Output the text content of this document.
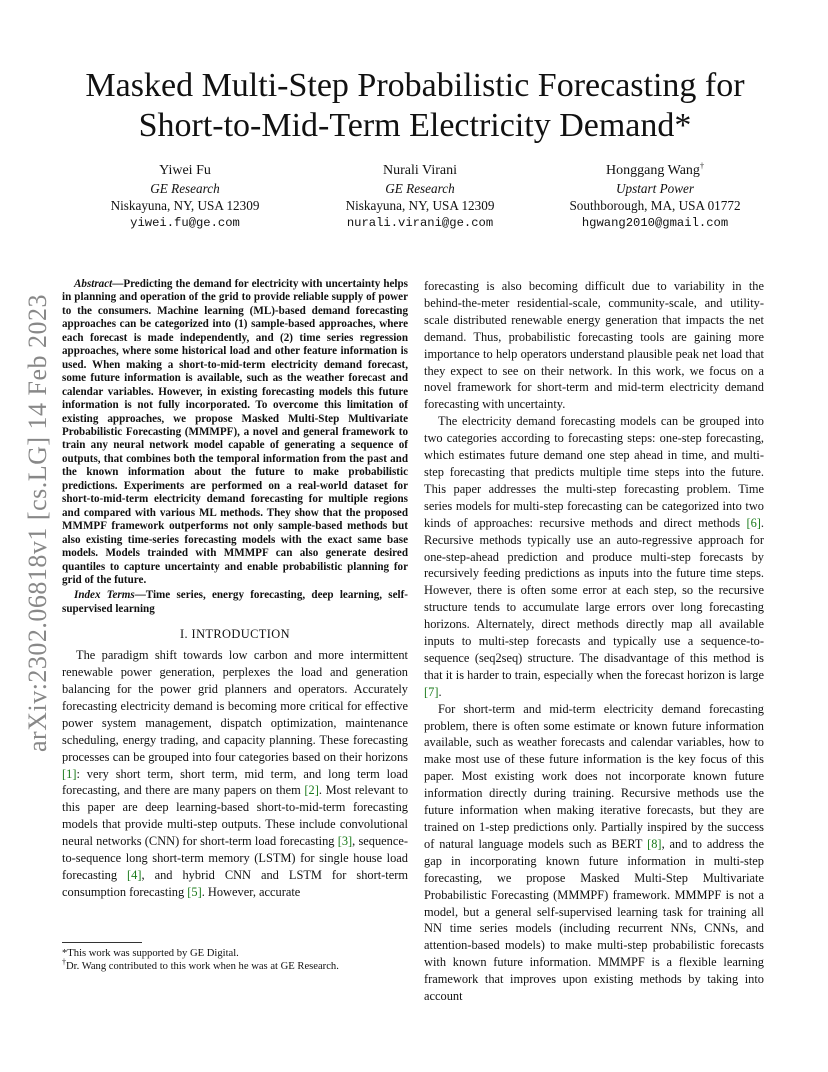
arXiv:2302.06818v1 [cs.LG] 14 Feb 2023
Masked Multi-Step Probabilistic Forecasting for
Short-to-Mid-Term Electricity Demand*
Yiwei Fu
GE Research
Niskayuna, NY, USA 12309
yiwei.fu@ge.com
Nurali Virani
GE Research
Niskayuna, NY, USA 12309
nurali.virani@ge.com
Honggang Wang†
Upstart Power
Southborough, MA, USA 01772
hgwang2010@gmail.com

Abstract—Predicting the demand for electricity with uncertainty helps in planning and operation of the grid to provide reliable supply of power to the consumers. Machine learning (ML)-based demand forecasting approaches can be categorized into (1) sample-based approaches, where each forecast is made independently, and (2) time series regression approaches, where some historical load and other feature information is used. When making a short-to-mid-term electricity demand forecast, some future information is available, such as the weather forecast and calendar variables. However, in existing forecasting models this future information is not fully incorporated. To overcome this limitation of existing approaches, we propose Masked Multi-Step Multivariate Probabilistic Forecasting (MMMPF), a novel and general framework to train any neural network model capable of generating a sequence of outputs, that combines both the temporal information from the past and the known information about the future to make probabilistic predictions. Experiments are performed on a real-world dataset for short-to-mid-term electricity demand forecasting for multiple regions and compared with various ML methods. They show that the proposed MMMPF framework outperforms not only sample-based methods but also existing time-series forecasting models with the exact same base models. Models trainded with MMMPF can also generate desired quantiles to capture uncertainty and enable probabilistic planning for grid of the future.

Index Terms—Time series, energy forecasting, deep learning, self-supervised learning

I. INTRODUCTION

The paradigm shift towards low carbon and more intermittent renewable power generation, perplexes the load and generation balancing for the power grid planners and operators. Accurately forecasting electricity demand is becoming more critical for effective power system management, dispatch optimization, maintenance scheduling, energy trading, and capacity planning. These forecasting processes can be grouped into four categories based on their horizons [1]: very short term, short term, mid term, and long term load forecasting, and there are many papers on them [2]. Most relevant to this paper are deep learning-based short-to-mid-term forecasting models that provide multi-step outputs. These include convolutional neural networks (CNN) for short-term load forecasting [3], sequence-to-sequence long short-term memory (LSTM) for single house load forecasting [4], and hybrid CNN and LSTM for short-term consumption forecasting [5]. However, accurate

forecasting is also becoming difficult due to variability in the behind-the-meter residential-scale, community-scale, and utility-scale distributed renewable energy generation that impacts the net demand. Thus, probabilistic forecasting tools are gaining more importance to help operators understand plausible peak net load that they expect to see on their network. In this work, we focus on a novel framework for short-term and mid-term electricity demand forecasting with uncertainty.

The electricity demand forecasting models can be grouped into two categories according to forecasting steps: one-step forecasting, which estimates future demand one step ahead in time, and multi-step forecasting that predicts multiple time steps into the future. This paper addresses the multi-step forecasting problem. Time series models for multi-step forecasting can be categorized into two kinds of approaches: recursive methods and direct methods [6]. Recursive methods typically use an auto-regressive approach for one-step-ahead prediction and produce multi-step forecasts by recursively feeding predictions as inputs into the future time steps. However, there is often some error at each step, so the recursive structure tends to accumulate large errors over long forecasting horizons. Alternately, direct methods directly map all available inputs to multi-step forecasts and typically use a sequence-to-sequence (seq2seq) structure. The disadvantage of this method is that it is harder to train, especially when the forecast horizon is large [7].

For short-term and mid-term electricity demand forecasting problem, there is often some estimate or known future information available, such as weather forecasts and calendar variables, how to make most use of these future information is the key focus of this paper. Most existing work does not incorporate known future information directly during training. Recursive methods use the future information when making iterative forecasts, but they are trained on 1-step predictions only. Partially inspired by the success of natural language models such as BERT [8], and to address the gap in incorporating known future information in multi-step forecasting, we propose Masked Multi-Step Multivariate Probabilistic Forecasting (MMMPF) framework. MMMPF is not a model, but a general self-supervised learning task for training all NN time series models (including recurrent NNs, CNNs, and attention-based models) to make multi-step probabilistic forecasts with known future information. MMMPF is a flexible learning framework that improves upon existing methods by taking into account

*This work was supported by GE Digital.

†Dr. Wang contributed to this work when he was at GE Research.
